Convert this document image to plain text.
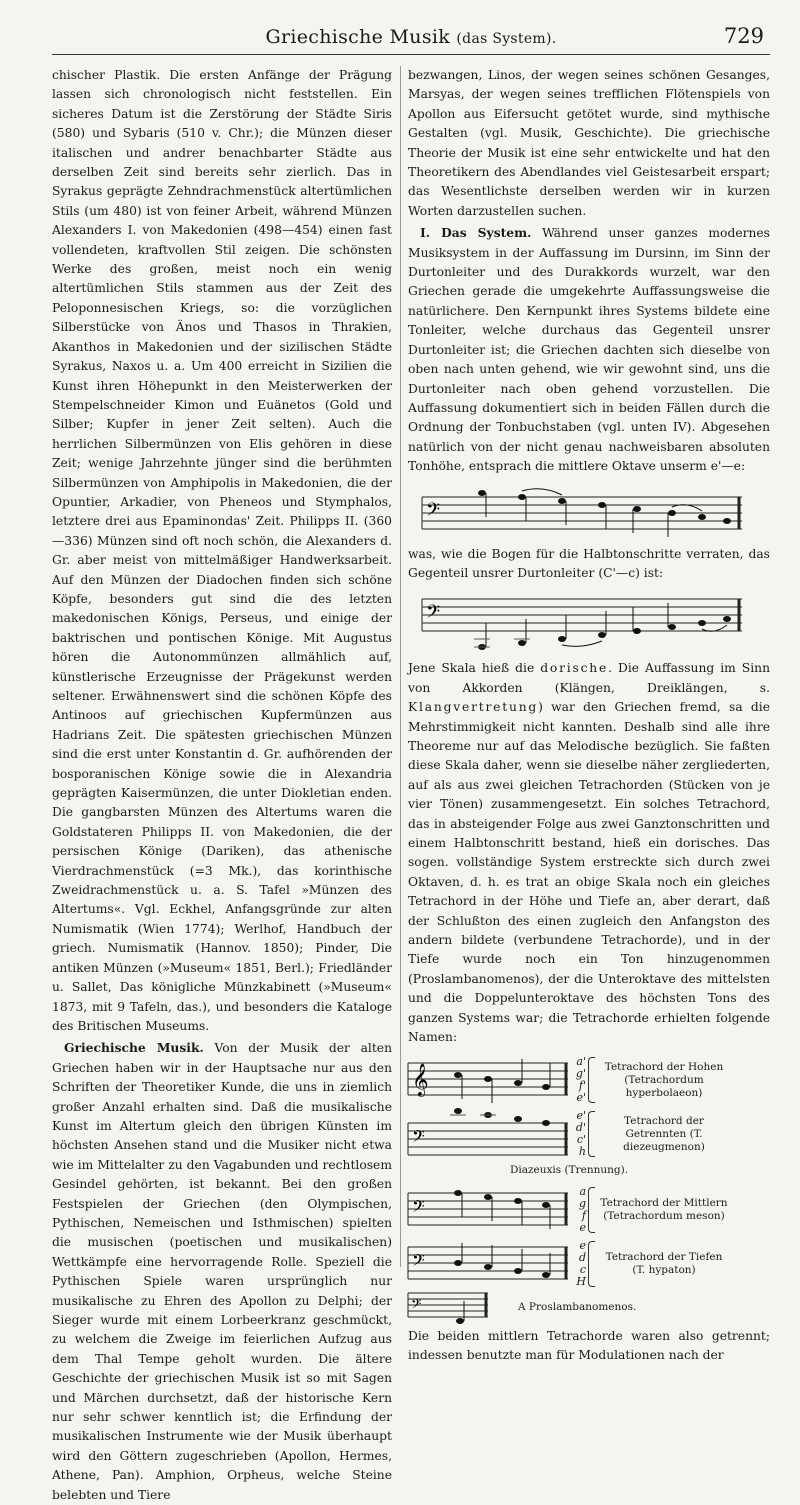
Griechische Musik (das System).	729

chischer Plastik. Die ersten Anfänge der Prägung lassen sich chronologisch nicht feststellen. Ein sicheres Datum ist die Zerstörung der Städte Siris (580) und Sybaris (510 v. Chr.); die Münzen dieser italischen und andrer benachbarter Städte aus derselben Zeit sind bereits sehr zierlich. Das in Syrakus geprägte Zehndrachmenstück altertümlichen Stils (um 480) ist von feiner Arbeit, während Münzen Alexanders I. von Makedonien (498—454) einen fast vollendeten, kraftvollen Stil zeigen. Die schönsten Werke des großen, meist noch ein wenig altertümlichen Stils stammen aus der Zeit des Peloponnesischen Kriegs, so: die vorzüglichen Silberstücke von Änos und Thasos in Thrakien, Akanthos in Makedonien und der sizilischen Städte Syrakus, Naxos u. a. Um 400 erreicht in Sizilien die Kunst ihren Höhepunkt in den Meisterwerken der Stempelschneider Kimon und Euänetos (Gold und Silber; Kupfer in jener Zeit selten). Auch die herrlichen Silbermünzen von Elis gehören in diese Zeit; wenige Jahrzehnte jünger sind die berühmten Silbermünzen von Amphipolis in Makedonien, die der Opuntier, Arkadier, von Pheneos und Stymphalos, letztere drei aus Epaminondas' Zeit. Philipps II. (360—336) Münzen sind oft noch schön, die Alexanders d. Gr. aber meist von mittelmäßiger Handwerksarbeit. Auf den Münzen der Diadochen finden sich schöne Köpfe, besonders gut sind die des letzten makedonischen Königs, Perseus, und einige der baktrischen und pontischen Könige. Mit Augustus hören die Autonommünzen allmählich auf, künstlerische Erzeugnisse der Prägekunst werden seltener. Erwähnenswert sind die schönen Köpfe des Antinoos auf griechischen Kupfermünzen aus Hadrians Zeit. Die spätesten griechischen Münzen sind die erst unter Konstantin d. Gr. aufhörenden der bosporanischen Könige sowie die in Alexandria geprägten Kaisermünzen, die unter Diokletian enden. Die gangbarsten Münzen des Altertums waren die Goldstateren Philipps II. von Makedonien, die der persischen Könige (Dariken), das athenische Vierdrachmenstück (=3 Mk.), das korinthische Zweidrachmenstück u. a. S. Tafel »Münzen des Altertums«. Vgl. Eckhel, Anfangsgründe zur alten Numismatik (Wien 1774); Werlhof, Handbuch der griech. Numismatik (Hannov. 1850); Pinder, Die antiken Münzen (»Museum« 1851, Berl.); Friedländer u. Sallet, Das königliche Münzkabinett (»Museum« 1873, mit 9 Tafeln, das.), und besonders die Kataloge des Britischen Museums.

Griechische Musik. Von der Musik der alten Griechen haben wir in der Hauptsache nur aus den Schriften der Theoretiker Kunde, die uns in ziemlich großer Anzahl erhalten sind. Daß die musikalische Kunst im Altertum gleich den übrigen Künsten im höchsten Ansehen stand und die Musiker nicht etwa wie im Mittelalter zu den Vagabunden und rechtlosem Gesindel gehörten, ist bekannt. Bei den großen Festspielen der Griechen (den Olympischen, Pythischen, Nemeischen und Isthmischen) spielten die musischen (poetischen und musikalischen) Wettkämpfe eine hervorragende Rolle. Speziell die Pythischen Spiele waren ursprünglich nur musikalische zu Ehren des Apollon zu Delphi; der Sieger wurde mit einem Lorbeerkranz geschmückt, zu welchem die Zweige im feierlichen Aufzug aus dem Thal Tempe geholt wurden. Die ältere Geschichte der griechischen Musik ist so mit Sagen und Märchen durchsetzt, daß der historische Kern nur sehr schwer kenntlich ist; die Erfindung der musikalischen Instrumente wie der Musik überhaupt wird den Göttern zugeschrieben (Apollon, Hermes, Athene, Pan). Amphion, Orpheus, welche Steine belebten und Tiere

bezwangen, Linos, der wegen seines schönen Gesanges, Marsyas, der wegen seines trefflichen Flötenspiels von Apollon aus Eifersucht getötet wurde, sind mythische Gestalten (vgl. Musik, Geschichte). Die griechische Theorie der Musik ist eine sehr entwickelte und hat den Theoretikern des Abendlandes viel Geistesarbeit erspart; das Wesentlichste derselben werden wir in kurzen Worten darzustellen suchen.

I. Das System. Während unser ganzes modernes Musiksystem in der Auffassung im Dursinn, im Sinn der Durtonleiter und des Durakkords wurzelt, war den Griechen gerade die umgekehrte Auffassungsweise die natürlichere. Den Kernpunkt ihres Systems bildete eine Tonleiter, welche durchaus das Gegenteil unsrer Durtonleiter ist; die Griechen dachten sich dieselbe von oben nach unten gehend, wie wir gewohnt sind, uns die Durtonleiter nach oben gehend vorzustellen. Die Auffassung dokumentiert sich in beiden Fällen durch die Ordnung der Tonbuchstaben (vgl. unten IV). Abgesehen natürlich von der nicht genau nachweisbaren absoluten Tonhöhe, entsprach die mittlere Oktave unserm e'—e:

𝄢

was, wie die Bogen für die Halbtonschritte verraten, das Gegenteil unsrer Durtonleiter (C'—c) ist:

𝄢

Jene Skala hieß die dorische. Die Auffassung im Sinn von Akkorden (Klängen, Dreiklängen, s. Klangvertretung) war den Griechen fremd, sa die Mehrstimmigkeit nicht kannten. Deshalb sind alle ihre Theoreme nur auf das Melodische bezüglich. Sie faßten diese Skala daher, wenn sie dieselbe näher zergliederten, auf als aus zwei gleichen Tetrachorden (Stücken von je vier Tönen) zusammengesetzt. Ein solches Tetrachord, das in absteigender Folge aus zwei Ganztonschritten und einem Halbtonschritt bestand, hieß ein dorisches. Das sogen. vollständige System erstreckte sich durch zwei Oktaven, d. h. es trat an obige Skala noch ein gleiches Tetrachord in der Höhe und Tiefe an, aber derart, daß der Schlußton des einen zugleich den Anfangston des andern bildete (verbundene Tetrachorde), und in der Tiefe wurde noch ein Ton hinzugenommen (Proslambanomenos), der die Unteroktave des mittelsten und die Doppelunteroktave des höchsten Tons des ganzen Systems war; die Tetrachorde erhielten folgende Namen:

𝄞
a'
g'
f'
e'
Tetrachord der Hohen (Tetrachordum hyperbolaeon)
𝄢
e'
d'
c'
h
Tetrachord der Getrennten (T. diezeugmenon)
Diazeuxis (Trennung).
𝄢
a
g
f
e
Tetrachord der Mittlern (Tetrachordum meson)
𝄢
e
d
c
H
Tetrachord der Tiefen (T. hypaton)
𝄢	A Proslambanomenos.

Die beiden mittlern Tetrachorde waren also getrennt; indessen benutzte man für Modulationen nach der
